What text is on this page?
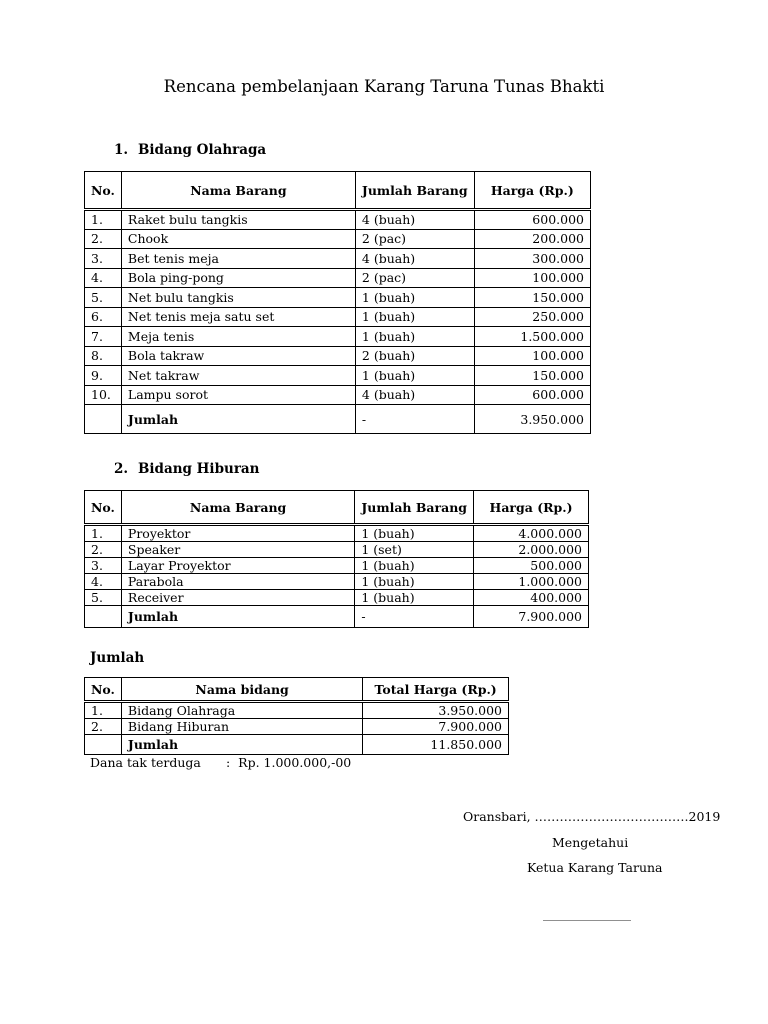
Rencana pembelanjaan Karang Taruna Tunas Bhakti
1. Bidang Olahraga
No.	Nama Barang	Jumlah Barang	Harga (Rp.)
1.	Raket bulu tangkis	4 (buah)	600.000
2.	Chook	2 (pac)	200.000
3.	Bet tenis meja	4 (buah)	300.000
4.	Bola ping-pong	2 (pac)	100.000
5.	Net bulu tangkis	1 (buah)	150.000
6.	Net tenis meja satu set	1 (buah)	250.000
7.	Meja tenis	1 (buah)	1.500.000
8.	Bola takraw	2 (buah)	100.000
9.	Net takraw	1 (buah)	150.000
10.	Lampu sorot	4 (buah)	600.000
	Jumlah	-	3.950.000
2. Bidang Hiburan
No.	Nama Barang	Jumlah Barang	Harga (Rp.)
1.	Proyektor	1 (buah)	4.000.000
2.	Speaker	1 (set)	2.000.000
3.	Layar Proyektor	1 (buah)	500.000
4.	Parabola	1 (buah)	1.000.000
5.	Receiver	1 (buah)	400.000
	Jumlah	-	7.900.000
Jumlah
No.	Nama bidang	Total Harga (Rp.)
1.	Bidang Olahraga	3.950.000
2.	Bidang Hiburan	7.900.000
	Jumlah	11.850.000
Dana tak terduga : Rp. 1.000.000,-00
Oransbari, ……………………………….2019
Mengetahui
Ketua Karang Taruna
________________
